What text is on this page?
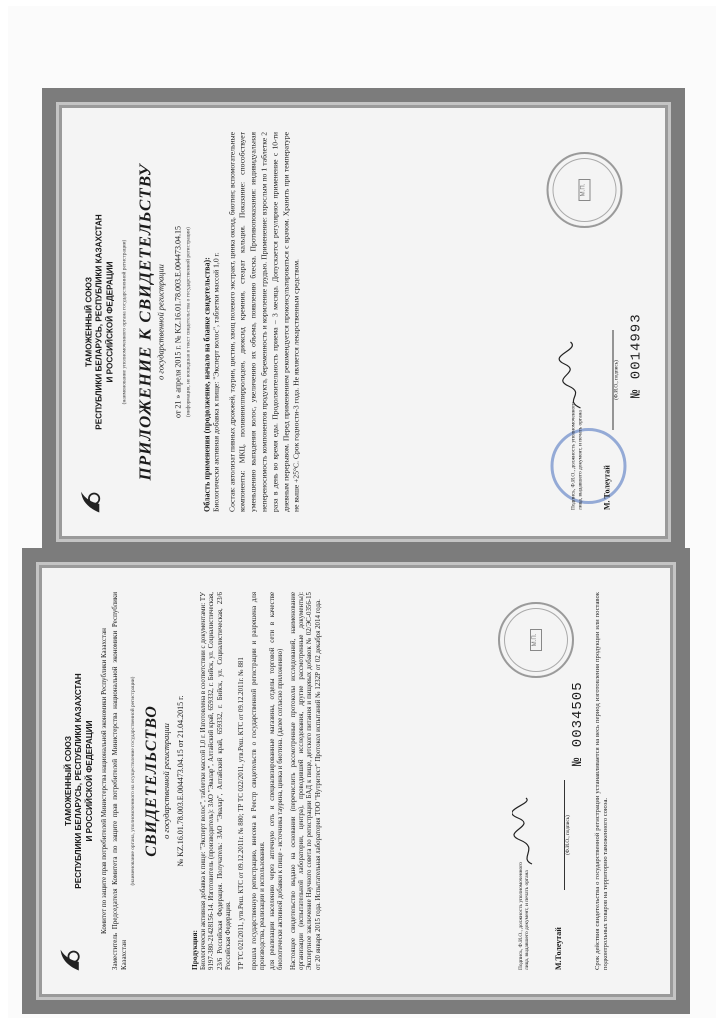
ТАМОЖЕННЫЙ СОЮЗ РЕСПУБЛИКИ БЕЛАРУСЬ, РЕСПУБЛИКИ КАЗАХСТАН И РОССИЙСКОЙ ФЕДЕРАЦИИ (наименование уполномоченного органа государственной регистрации) ПРИЛОЖЕНИЕ К СВИДЕТЕЛЬСТВУ о государственной регистрации от 21 » апреля 2015 г. № KZ.16.01.78.003.Е.004473.04.15 (информация, не вошедшая в текст свидетельства о государственной регистрации) Область применения (продолжение, начало на бланке свидетельства): Биологически активная добавка к пище: "Эксперт волос", таблетки массой 1,0 г. Состав: автолизат пивных дрожжей, таурин, цистин, хвощ полевого экстракт, цинка оксид, биотин; вспомогательные компоненты: МКЦ, поливинилпирролидон, диоксид кремния, стеарат кальция. Показание: способствует уменьшению выпадения волос, увеличению их объема, появлению блеска. Противопоказания: индивидуальная непереносимость компонентов продукта, беременность и кормление грудью. Применение: взрослым по 1 таблетке 2 раза в день во время еды. Продолжительность приема – 3 месяца. Допускается регулярное применение с 10-ти дневным перерывом. Перед применением рекомендуется проконсультироваться с врачом. Хранить при температуре не выше +25°С. Срок годности-3 года. Не является лекарственным средством.
М.П.
Подпись, Ф.И.О., должность уполномоченного лица, выдавшего документ, и печать органа М. Толеутай
(Ф.И.О., подпись) № 0014993
ТАМОЖЕННЫЙ СОЮЗ РЕСПУБЛИКИ БЕЛАРУСЬ, РЕСПУБЛИКИ КАЗАХСТАН И РОССИЙСКОЙ ФЕДЕРАЦИИ Комитет по защите прав потребителей Министерства национальной экономики Республики Казахстан Заместитель Председателя Комитета по защите прав потребителей Министерства национальной экономики Республики Казахстан
(наименование органа, уполномоченного на осуществление государственной регистрации) СВИДЕТЕЛЬСТВО о государственной регистрации № KZ.16.01.78.003.Е.004473.04.15 от 21.04.2015 г.
Продукция: Биологически активная добавка к пище: "Эксперт волос", таблетки массой 1,0 г. Изготовлена в соответствии с документами: ТУ 9197-380-21428156-14. Изготовитель (производитель): ЗАО "Эвалар", Алтайский край, 659332, г. Бийск, ул. Социалистическая, 23/6 Российская Федерация. Получатель: ЗАО "Эвалар", Алтайский край, 659332, г. Бийск, ул. Социалистическая, 23/6 Российская Федерация. ТР ТС 021/2011, утв.Реш. КТС от 09.12.2011г. № 880; ТР ТС 022/2011, утв.Реш. КТС от 09.12.2011г. № 881 прошла государственную регистрацию, внесена в Реестр свидетельств о государственной регистрации и разрешена для производства, реализации и использования. для реализации населению через аптечную сеть и специализированные магазины, отделы торговой сети в качестве биологически активной добавки к пище - источника таурина, цинка и биотина. (далее согласно приложению) Настоящее свидетельство выдано на основании (перечислить рассмотренные протоколы исследований, наименование организации (испытательной лаборатории, центра), проводившей исследования, другие рассмотренные документы): Экспертное заключение Научного совета по регистрации БАД к пище, детского питания и пищевых добавок № 02/ЭС-0356-15 от 20 января 2015 года. Испытательная лаборатория ТОО "Нутритест" Протокол испытаний № 1232Р от 02 декабря 2014 года.	М.П.
Подпись, Ф.И.О., должность уполномоченного лица, выдавшего документ, и печать органа	М.Толеутай
(Ф.И.О., подпись)
№ 0034505 Срок действия свидетельства о государственной регистрации устанавливается на весь период изготовления продукции или поставок подконтрольных товаров на территорию таможенного союза.
